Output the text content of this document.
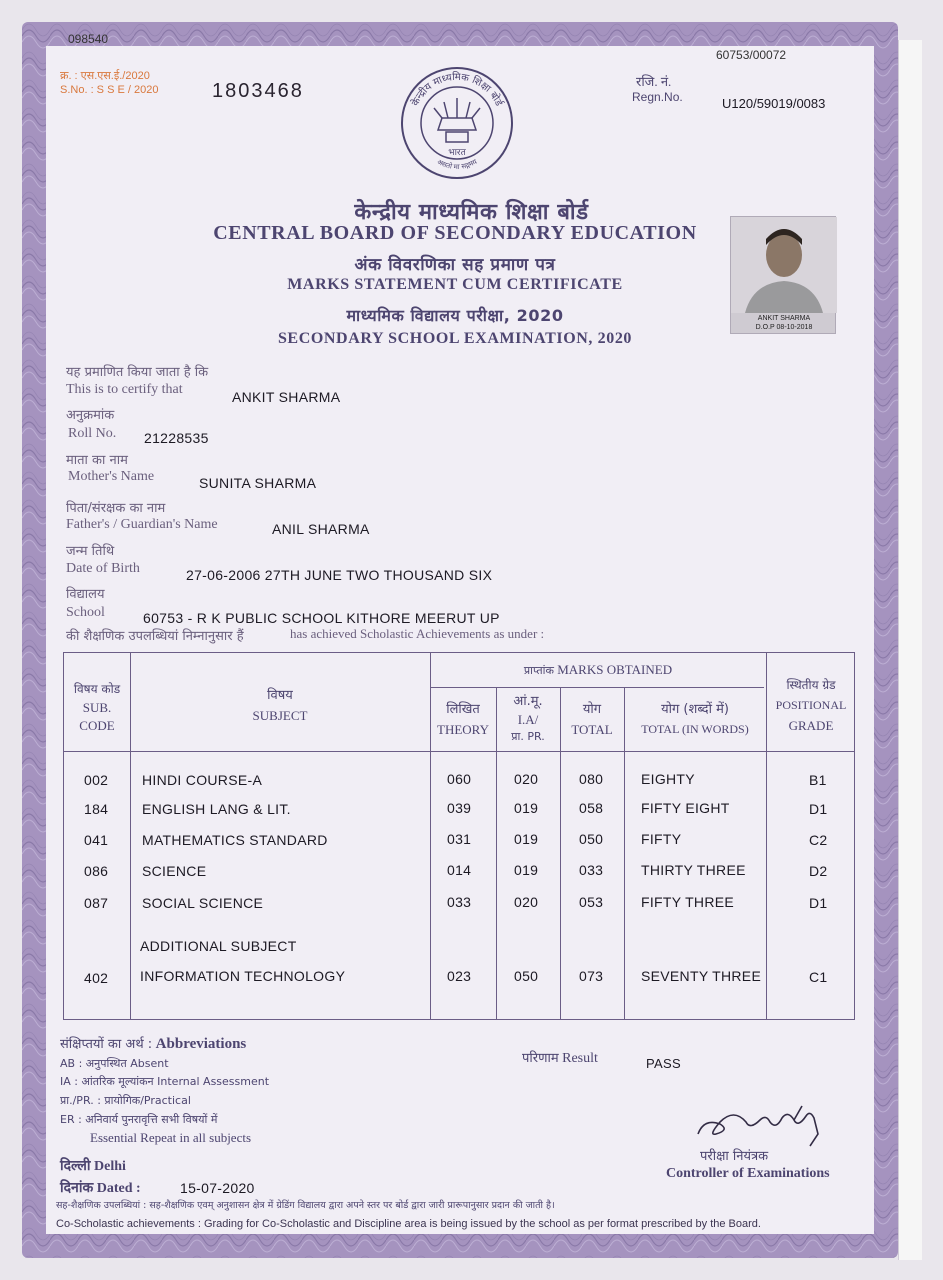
098540
क्र. : एस.एस.ई./2020
S.No. : S S E / 2020	1803468
60753/00072
रजि. नं.
Regn.No.	U120/59019/0083
केन्द्रीय माध्यमिक शिक्षा बोर्ड
असतो मा सद्गमय
भारत
केन्द्रीय माध्यमिक शिक्षा बोर्ड
CENTRAL BOARD OF SECONDARY EDUCATION
अंक विवरणिका सह प्रमाण पत्र
MARKS STATEMENT CUM CERTIFICATE
माध्यमिक विद्यालय परीक्षा, 2020
SECONDARY SCHOOL EXAMINATION, 2020
ANKIT SHARMA
D.O.P 08-10-2018
यह प्रमाणित किया जाता है कि
This is to certify that	ANKIT SHARMA
अनुक्रमांक
Roll No. 21228535
माता का नाम
Mother's Name	SUNITA SHARMA
पिता/संरक्षक का नाम
Father's / Guardian's Name	ANIL SHARMA
जन्म तिथि
Date of Birth	27-06-2006 27TH JUNE TWO THOUSAND SIX
विद्यालय
School	60753 - R K PUBLIC SCHOOL KITHORE MEERUT UP
की शैक्षणिक उपलब्धियां निम्नानुसार हैं	has achieved Scholastic Achievements as under :
विषय कोड
SUB.
CODE
विषय
SUBJECT
प्राप्तांक MARKS OBTAINED
लिखित
THEORY
आं.मू.
I.A/
प्रा. PR.
योग
TOTAL
योग (शब्दों में)
TOTAL (IN WORDS)
स्थितीय ग्रेड
POSITIONAL
GRADE
002 HINDI COURSE-A	060	020	080	EIGHTY	B1
184 ENGLISH LANG & LIT.	039	019	058	FIFTY EIGHT	D1
041 MATHEMATICS STANDARD	031	019	050	FIFTY	C2
086 SCIENCE	014	019	033	THIRTY THREE	D2
087 SOCIAL SCIENCE	033	020	053	FIFTY THREE	D1
ADDITIONAL SUBJECT
402 INFORMATION TECHNOLOGY	023	050	073	SEVENTY THREE	C1
संक्षिप्तयों का अर्थ : Abbreviations
AB : अनुपस्थित Absent
IA : आंतरिक मूल्यांकन Internal Assessment
प्रा./PR. : प्रायोगिक/Practical
ER : अनिवार्य पुनरावृत्ति सभी विषयों में
Essential Repeat in all subjects
परिणाम Result	PASS
दिल्ली Delhi
दिनांक Dated :	15-07-2020
परीक्षा नियंत्रक
Controller of Examinations
सह-शैक्षणिक उपलब्धियां : सह-शैक्षणिक एवम् अनुशासन क्षेत्र में ग्रेडिंग विद्यालय द्वारा अपने स्तर पर बोर्ड द्वारा जारी प्रारूपानुसार प्रदान की जाती है।
Co-Scholastic achievements : Grading for Co-Scholastic and Discipline area is being issued by the school as per format prescribed by the Board.
